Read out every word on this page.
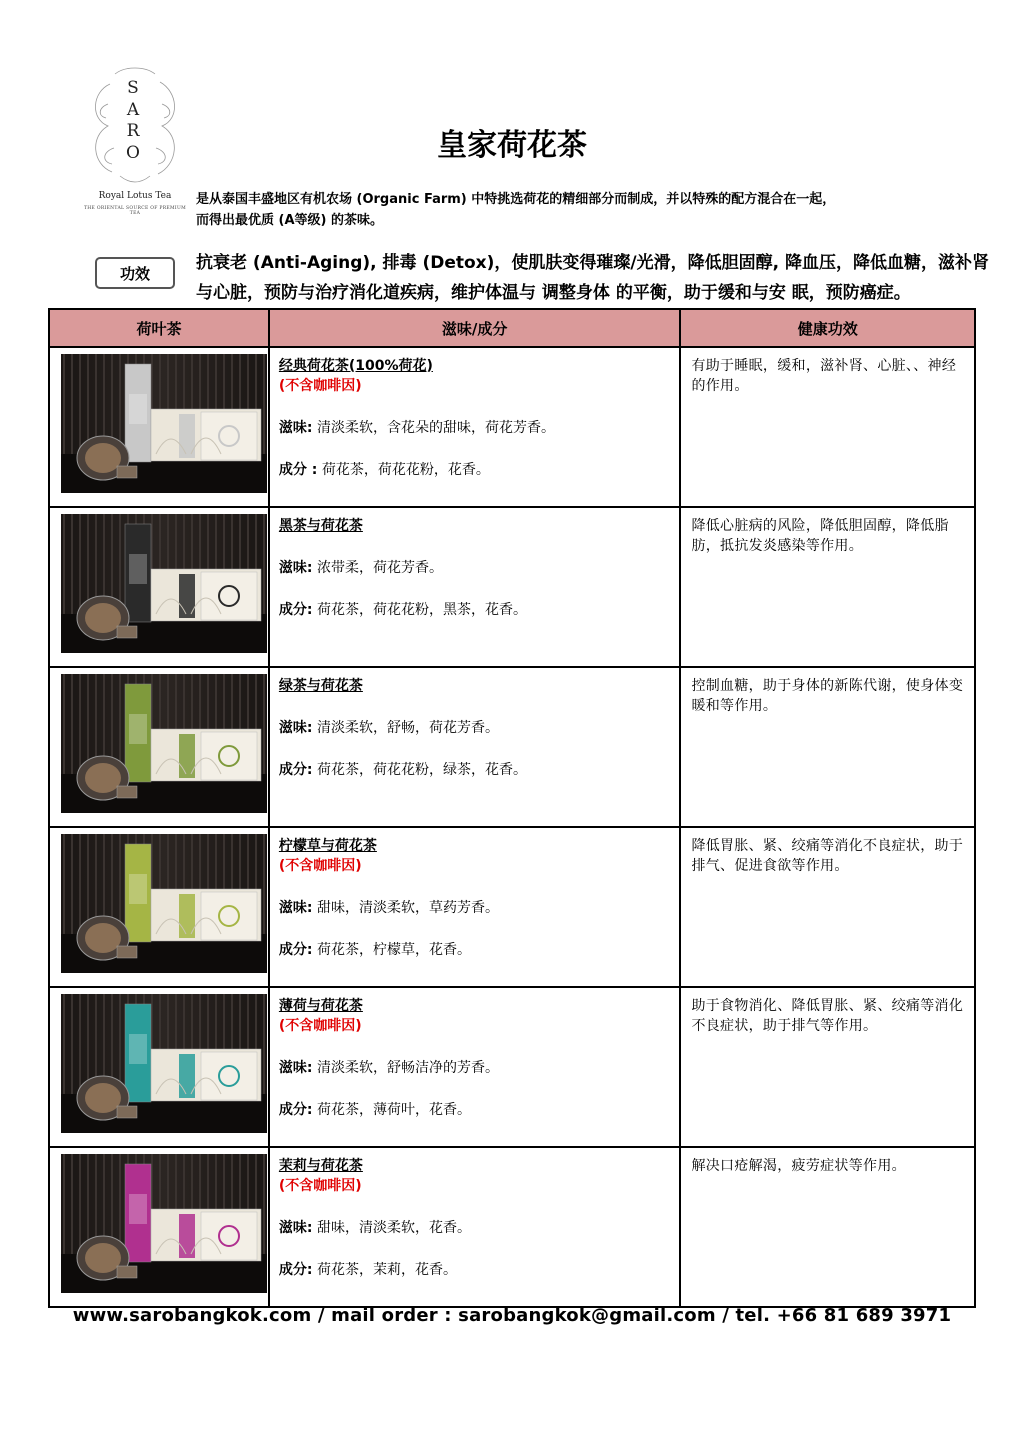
S
A
R
O
Royal Lotus Tea
THE ORIENTAL SOURCE OF PREMIUM TEA
皇家荷花茶
是从泰国丰盛地区有机农场 (Organic Farm) 中特挑选荷花的精细部分而制成，并以特殊的配方混合在一起，
而得出最优质 (A等级) 的茶味。
功效
抗衰老 (Anti-Aging), 排毒 (Detox)，使肌肤变得璀璨/光滑，降低胆固醇, 降血压，降低血糖，滋补肾与心脏，预防与治疗消化道疾病，维护体温与 调整身体 的平衡，助于缓和与安 眠，预防癌症。
荷叶茶	滋味/成分	健康功效

经典荷花茶(100%荷花)
(不含咖啡因)
滋味: 清淡柔软，含花朵的甜味，荷花芳香。
成分 : 荷花茶，荷花花粉，花香。	有助于睡眠，缓和，滋补肾、心脏、、神经的作用。

黑茶与荷花茶
滋味: 浓带柔，荷花芳香。
成分: 荷花茶，荷花花粉，黑茶，花香。	降低心脏病的风险，降低胆固醇，降低脂肪，抵抗发炎感染等作用。

绿茶与荷花茶
滋味: 清淡柔软，舒畅，荷花芳香。
成分: 荷花茶，荷花花粉，绿茶，花香。	控制血糖，助于身体的新陈代谢，使身体变暖和等作用。

柠檬草与荷花茶
(不含咖啡因)
滋味: 甜味，清淡柔软，草药芳香。
成分: 荷花茶，柠檬草，花香。	降低胃胀、紧、绞痛等消化不良症状，助于排气、促进食欲等作用。

薄荷与荷花茶
(不含咖啡因)
滋味: 清淡柔软，舒畅洁净的芳香。
成分: 荷花茶，薄荷叶，花香。	助于食物消化、降低胃胀、紧、绞痛等消化不良症状，助于排气等作用。

茉莉与荷花茶
(不含咖啡因)
滋味: 甜味，清淡柔软，花香。
成分: 荷花茶，茉莉，花香。	解决口疮解渴，疲劳症状等作用。
www.sarobangkok.com / mail order : sarobangkok@gmail.com / tel. +66 81 689 3971
